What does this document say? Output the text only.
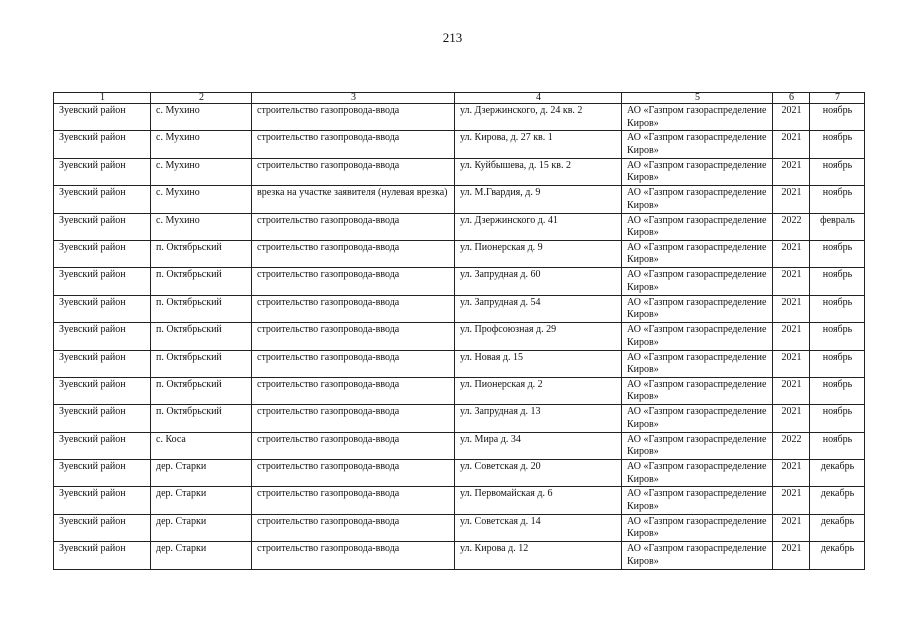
213
1	2	3	4	5	6	7
Зуевский район	с. Мухино	строительство газопровода-ввода	ул. Дзержинского, д. 24 кв. 2	АО «Газпром газораспределение Киров»	2021	ноябрь
Зуевский район	с. Мухино	строительство газопровода-ввода	ул. Кирова, д. 27 кв. 1	АО «Газпром газораспределение Киров»	2021	ноябрь
Зуевский район	с. Мухино	строительство газопровода-ввода	ул. Куйбышева, д. 15 кв. 2	АО «Газпром газораспределение Киров»	2021	ноябрь
Зуевский район	с. Мухино	врезка на участке заявителя (нулевая врезка)	ул. М.Гвардия, д. 9	АО «Газпром газораспределение Киров»	2021	ноябрь
Зуевский район	с. Мухино	строительство газопровода-ввода	ул. Дзержинского д. 41	АО «Газпром газораспределение Киров»	2022	февраль
Зуевский район	п. Октябрьский	строительство газопровода-ввода	ул. Пионерская д. 9	АО «Газпром газораспределение Киров»	2021	ноябрь
Зуевский район	п. Октябрьский	строительство газопровода-ввода	ул. Запрудная д. 60	АО «Газпром газораспределение Киров»	2021	ноябрь
Зуевский район	п. Октябрьский	строительство газопровода-ввода	ул. Запрудная д. 54	АО «Газпром газораспределение Киров»	2021	ноябрь
Зуевский район	п. Октябрьский	строительство газопровода-ввода	ул. Профсоюзная д. 29	АО «Газпром газораспределение Киров»	2021	ноябрь
Зуевский район	п. Октябрьский	строительство газопровода-ввода	ул. Новая д. 15	АО «Газпром газораспределение Киров»	2021	ноябрь
Зуевский район	п. Октябрьский	строительство газопровода-ввода	ул. Пионерская д. 2	АО «Газпром газораспределение Киров»	2021	ноябрь
Зуевский район	п. Октябрьский	строительство газопровода-ввода	ул. Запрудная д. 13	АО «Газпром газораспределение Киров»	2021	ноябрь
Зуевский район	с. Коса	строительство газопровода-ввода	ул. Мира д. 34	АО «Газпром газораспределение Киров»	2022	ноябрь
Зуевский район	дер. Старки	строительство газопровода-ввода	ул. Советская д. 20	АО «Газпром газораспределение Киров»	2021	декабрь
Зуевский район	дер. Старки	строительство газопровода-ввода	ул. Первомайская д. 6	АО «Газпром газораспределение Киров»	2021	декабрь
Зуевский район	дер. Старки	строительство газопровода-ввода	ул. Советская д. 14	АО «Газпром газораспределение Киров»	2021	декабрь
Зуевский район	дер. Старки	строительство газопровода-ввода	ул. Кирова д. 12	АО «Газпром газораспределение Киров»	2021	декабрь
